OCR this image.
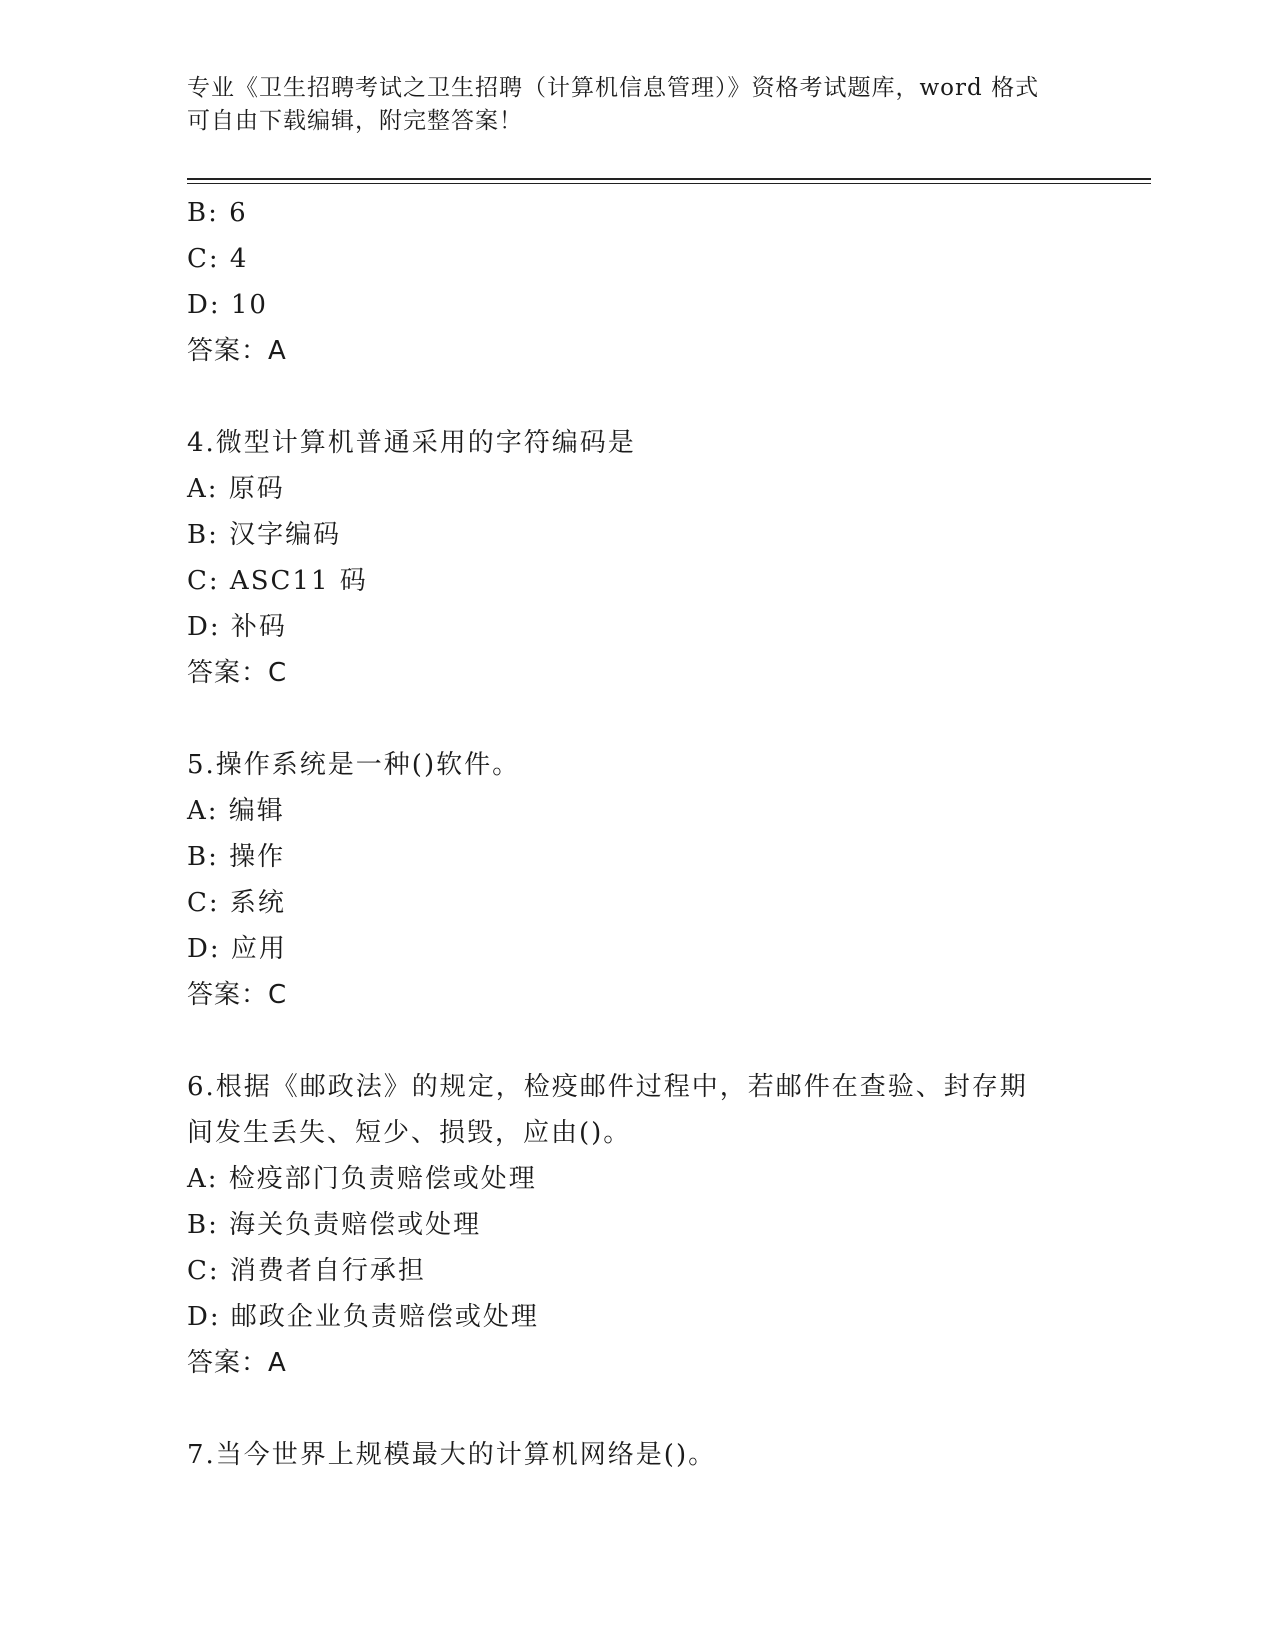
专业《卫生招聘考试之卫生招聘（计算机信息管理）》资格考试题库，word 格式
可自由下载编辑，附完整答案！
B: 6
C: 4
D: 10
答案：A
4.微型计算机普通采用的字符编码是
A: 原码
B: 汉字编码
C: ASC11 码
D: 补码
答案：C
5.操作系统是一种()软件。
A: 编辑
B: 操作
C: 系统
D: 应用
答案：C
6.根据《邮政法》的规定，检疫邮件过程中，若邮件在查验、封存期
间发生丢失、短少、损毁，应由()。
A: 检疫部门负责赔偿或处理
B: 海关负责赔偿或处理
C: 消费者自行承担
D: 邮政企业负责赔偿或处理
答案：A
7.当今世界上规模最大的计算机网络是()。
